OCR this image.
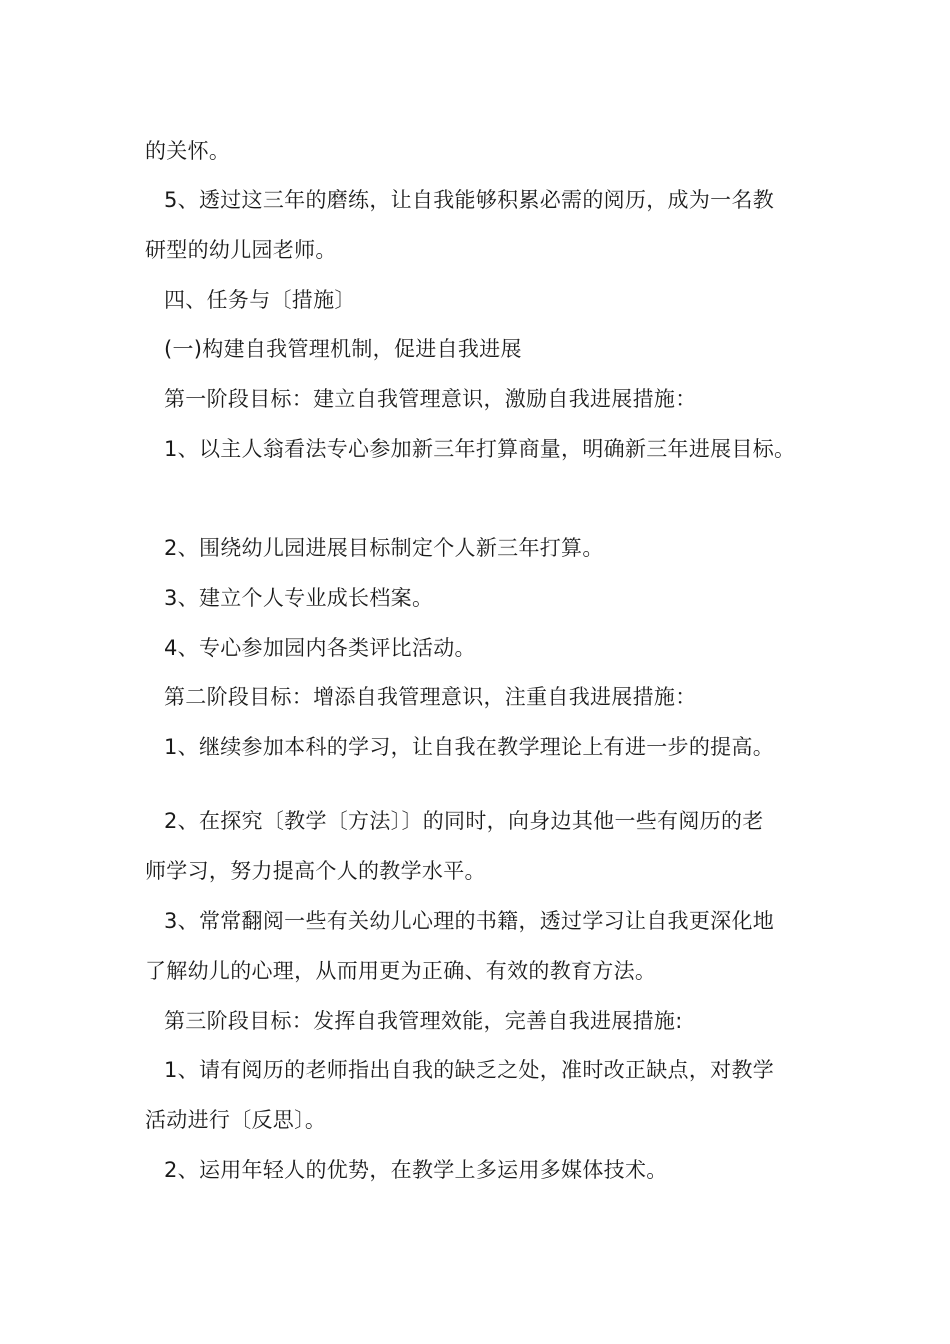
的关怀。
5、透过这三年的磨练，让自我能够积累必需的阅历，成为一名教
研型的幼儿园老师。
四、任务与〔措施〕
(一)构建自我管理机制，促进自我进展
第一阶段目标：建立自我管理意识，激励自我进展措施：
1、以主人翁看法专心参加新三年打算商量，明确新三年进展目标。
2、围绕幼儿园进展目标制定个人新三年打算。
3、建立个人专业成长档案。
4、专心参加园内各类评比活动。
第二阶段目标：增添自我管理意识，注重自我进展措施：
1、继续参加本科的学习，让自我在教学理论上有进一步的提高。
2、在探究〔教学〔方法〕〕的同时，向身边其他一些有阅历的老
师学习，努力提高个人的教学水平。
3、常常翻阅一些有关幼儿心理的书籍，透过学习让自我更深化地
了解幼儿的心理，从而用更为正确、有效的教育方法。
第三阶段目标：发挥自我管理效能，完善自我进展措施:
1、请有阅历的老师指出自我的缺乏之处，准时改正缺点，对教学
活动进行〔反思〕。
2、运用年轻人的优势，在教学上多运用多媒体技术。
